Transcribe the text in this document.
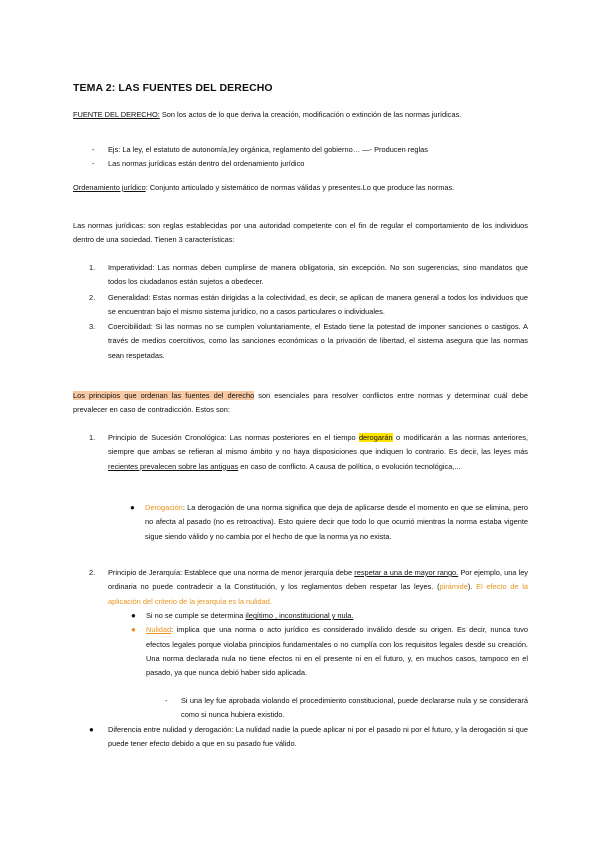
TEMA 2: LAS FUENTES DEL DERECHO

FUENTE DEL DERECHO: Son los actos de lo que deriva la creación, modificación o extinción de las normas jurídicas.

- Ejs: La ley, el estatuto de autonomía,ley orgánica, reglamento del gobierno… —- Producen reglas
- Las normas jurídicas están dentro del ordenamiento jurídico

Ordenamiento jurídico: Conjunto articulado y sistemático de normas válidas y presentes.Lo que produce las normas.

Las normas jurídicas: son reglas establecidas por una autoridad competente con el fin de regular el comportamiento de los individuos dentro de una sociedad. Tienen 3 características:

1. Imperatividad: Las normas deben cumplirse de manera obligatoria, sin excepción. No son sugerencias, sino mandatos que todos los ciudadanos están sujetos a obedecer.

2. Generalidad: Estas normas están dirigidas a la colectividad, es decir, se aplican de manera general a todos los individuos que se encuentran bajo el mismo sistema jurídico, no a casos particulares o individuales.

3. Coercibilidad: Si las normas no se cumplen voluntariamente, el Estado tiene la potestad de imponer sanciones o castigos. A través de medios coercitivos, como las sanciones económicas o la privación de libertad, el sistema asegura que las normas sean respetadas.

Los principios que ordenan las fuentes del derecho son esenciales para resolver conflictos entre normas y determinar cuál debe prevalecer en caso de contradicción. Estos son:

1. Principio de Sucesión Cronológica: Las normas posteriores en el tiempo derogarán o modificarán a las normas anteriores, siempre que ambas se refieran al mismo ámbito y no haya disposiciones que indiquen lo contrario. Es decir, las leyes más recientes prevalecen sobre las antiguas en caso de conflicto. A causa de política, o evolución tecnológica,...

● Derogación: La derogación de una norma significa que deja de aplicarse desde el momento en que se elimina, pero no afecta al pasado (no es retroactiva). Esto quiere decir que todo lo que ocurrió mientras la norma estaba vigente sigue siendo válido y no cambia por el hecho de que la norma ya no exista.

2. Principio de Jerarquía: Establece que una norma de menor jerarquía debe respetar a una de mayor rango. Por ejemplo, una ley ordinaria no puede contradecir a la Constitución, y los reglamentos deben respetar las leyes. (pirámide). El efecto de la aplicación del criterio de la jerarquía es la nulidad.

● Si no se cumple se determina ilegítimo , inconstitucional y nula.

● Nulidad: implica que una norma o acto jurídico es considerado inválido desde su origen. Es decir, nunca tuvo efectos legales porque violaba principios fundamentales o no cumplía con los requisitos legales desde su creación. Una norma declarada nula no tiene efectos ni en el presente ni en el futuro, y, en muchos casos, tampoco en el pasado, ya que nunca debió haber sido aplicada.

- Si una ley fue aprobada violando el procedimiento constitucional, puede declararse nula y se considerará como si nunca hubiera existido.

● Diferencia entre nulidad y derogación: La nulidad nadie la puede aplicar ni por el pasado ni por el futuro, y la derogación si que puede tener efecto debido a que en su pasado fue válido.
